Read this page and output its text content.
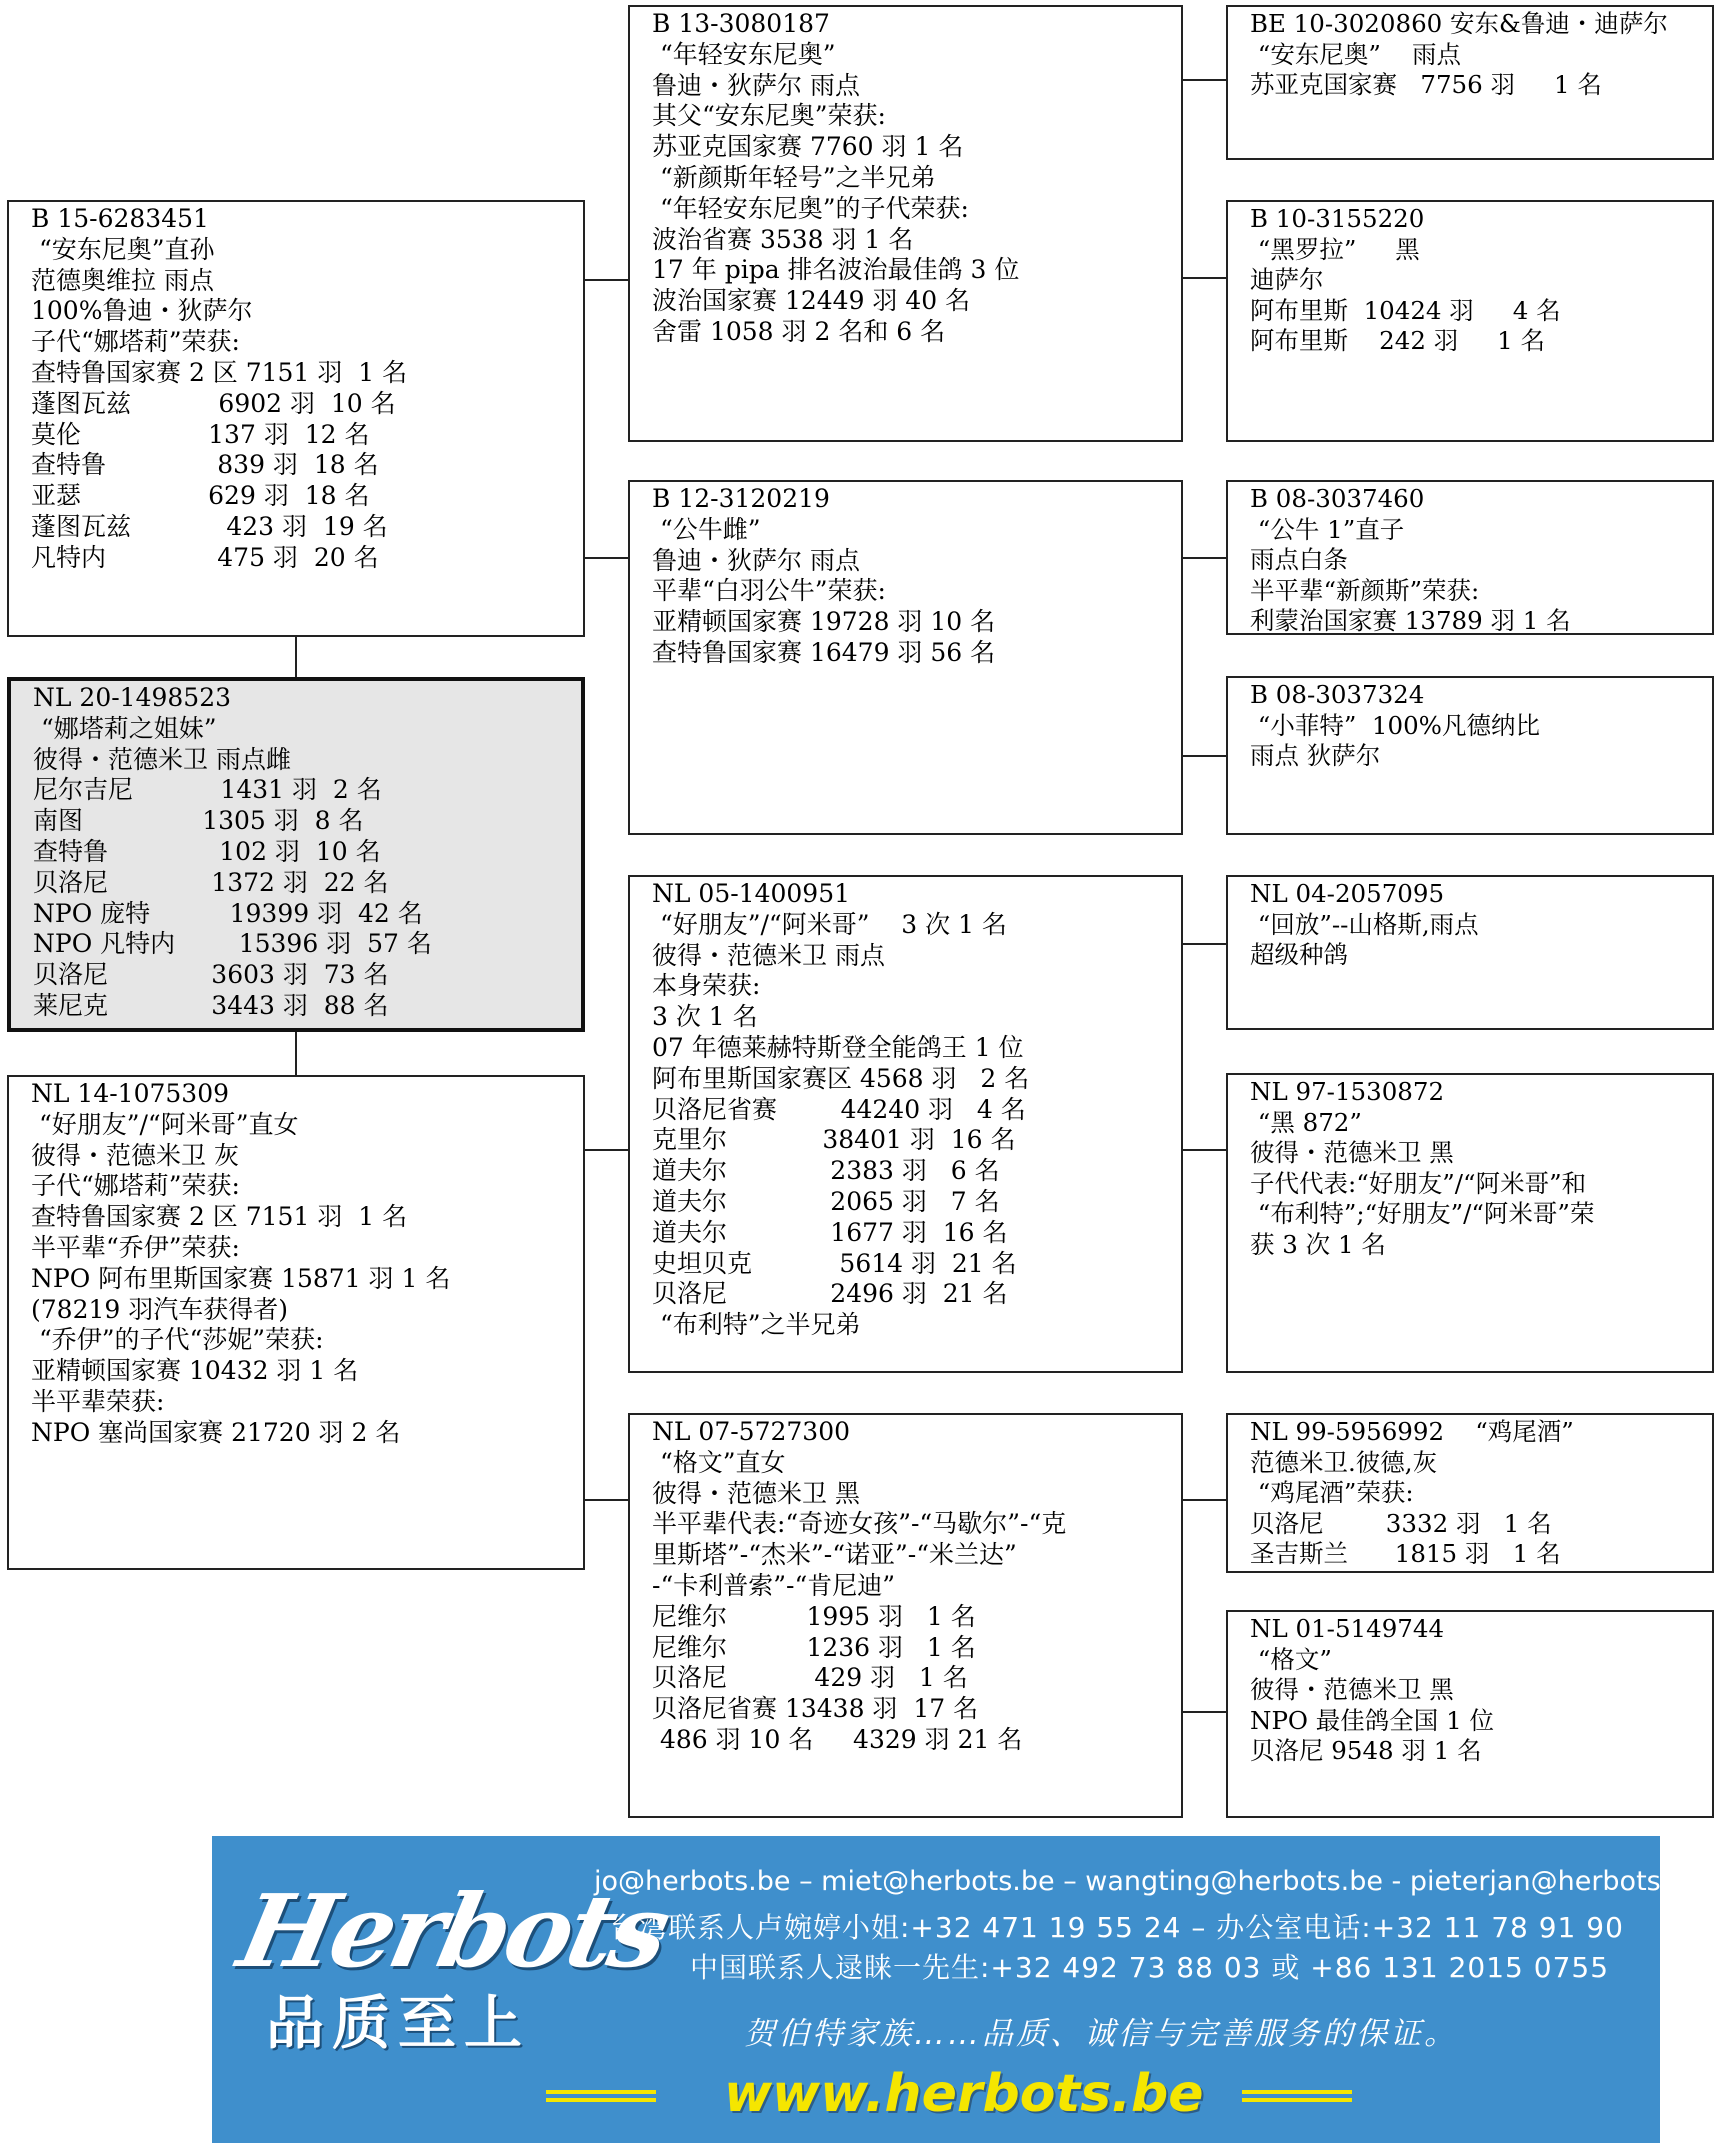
NL 20-1498523
“娜塔莉之姐妹”
彼得・范德米卫 雨点雌
尼尔吉尼           1431 羽  2 名
南图               1305 羽  8 名
查特鲁              102 羽  10 名
贝洛尼             1372 羽  22 名
NPO 庞特          19399 羽  42 名
NPO 凡特内        15396 羽  57 名
贝洛尼             3603 羽  73 名
莱尼克             3443 羽  88 名
B 15-6283451
“安东尼奥”直孙
范德奥维拉 雨点
100%鲁迪・狄萨尔
子代“娜塔莉”荣获:
查特鲁国家赛 2 区 7151 羽  1 名
蓬图瓦兹           6902 羽  10 名
莫伦                137 羽  12 名
查特鲁              839 羽  18 名
亚瑟                629 羽  18 名
蓬图瓦兹            423 羽  19 名
凡特内              475 羽  20 名
NL 14-1075309
“好朋友”/“阿米哥”直女
彼得・范德米卫 灰
子代“娜塔莉”荣获:
查特鲁国家赛 2 区 7151 羽  1 名
半平辈“乔伊”荣获:
NPO 阿布里斯国家赛 15871 羽 1 名
(78219 羽汽车获得者)
“乔伊”的子代“莎妮”荣获:
亚精顿国家赛 10432 羽 1 名
半平辈荣获:
NPO 塞尚国家赛 21720 羽 2 名
B 13-3080187
“年轻安东尼奥”
鲁迪・狄萨尔 雨点
其父“安东尼奥”荣获:
苏亚克国家赛 7760 羽 1 名
“新颜斯年轻号”之半兄弟
“年轻安东尼奥”的子代荣获:
波治省赛 3538 羽 1 名
17 年 pipa 排名波治最佳鸽 3 位
波治国家赛 12449 羽 40 名
舍雷 1058 羽 2 名和 6 名
B 12-3120219
“公牛雌”
鲁迪・狄萨尔 雨点
平辈“白羽公牛”荣获:
亚精顿国家赛 19728 羽 10 名
查特鲁国家赛 16479 羽 56 名
NL 05-1400951
“好朋友”/“阿米哥”    3 次 1 名
彼得・范德米卫 雨点
本身荣获:
3 次 1 名
07 年德莱赫特斯登全能鸽王 1 位
阿布里斯国家赛区 4568 羽   2 名
贝洛尼省赛        44240 羽   4 名
克里尔            38401 羽  16 名
道夫尔             2383 羽   6 名
道夫尔             2065 羽   7 名
道夫尔             1677 羽  16 名
史坦贝克           5614 羽  21 名
贝洛尼             2496 羽  21 名
“布利特”之半兄弟
NL 07-5727300
“格文”直女
彼得・范德米卫 黑
半平辈代表:“奇迹女孩”-“马歇尔”-“克
里斯塔”-“杰米”-“诺亚”-“米兰达”
-“卡利普索”-“肯尼迪”
尼维尔          1995 羽   1 名
尼维尔          1236 羽   1 名
贝洛尼           429 羽   1 名
贝洛尼省赛 13438 羽  17 名
486 羽 10 名     4329 羽 21 名
BE 10-3020860 安东&鲁迪・迪萨尔
“安东尼奥”    雨点
苏亚克国家赛   7756 羽     1 名
B 10-3155220
“黑罗拉”     黑
迪萨尔
阿布里斯  10424 羽     4 名
阿布里斯    242 羽     1 名
B 08-3037460
“公牛 1”直子
雨点白条
半平辈“新颜斯”荣获:
利蒙治国家赛 13789 羽 1 名
B 08-3037324
“小菲特”  100%凡德纳比
雨点 狄萨尔
NL 04-2057095
“回放”--山格斯,雨点
超级种鸽
NL 97-1530872
“黑 872”
彼得・范德米卫 黑
子代代表:“好朋友”/“阿米哥”和
“布利特”;“好朋友”/“阿米哥”荣
获 3 次 1 名
NL 99-5956992    “鸡尾酒”
范德米卫.彼德,灰
“鸡尾酒”荣获:
贝洛尼        3332 羽   1 名
圣吉斯兰      1815 羽   1 名
NL 01-5149744
“格文”
彼得・范德米卫 黑
NPO 最佳鸽全国 1 位
贝洛尼 9548 羽 1 名
Herbots
品质至上
jo@herbots.be – miet@herbots.be – wangting@herbots.be - pieterjan@herbots.be
台湾联系人卢婉婷小姐:+32 471 19 55 24 – 办公室电话:+32 11 78 91 90
中国联系人逯睐一先生:+32 492 73 88 03 或 +86 131 2015 0755
贺伯特家族……品质、诚信与完善服务的保证。
www.herbots.be
